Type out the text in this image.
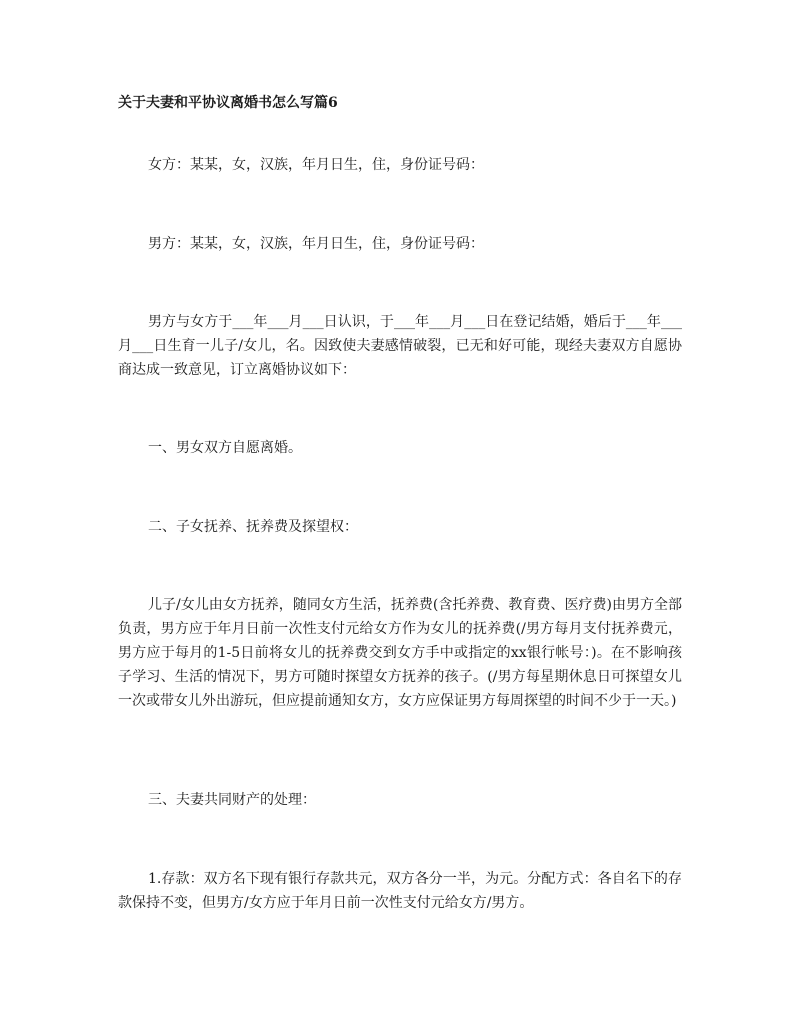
关于夫妻和平协议离婚书怎么写篇6

女方：某某，女，汉族，年月日生，住，身份证号码：

男方：某某，女，汉族，年月日生，住，身份证号码：

男方与女方于___年___月___日认识，于___年___月___日在登记结婚，婚后于___年___月___日生育一儿子/女儿，名。因致使夫妻感情破裂，已无和好可能，现经夫妻双方自愿协商达成一致意见，订立离婚协议如下：

一、男女双方自愿离婚。

二、子女抚养、抚养费及探望权：

儿子/女儿由女方抚养，随同女方生活，抚养费(含托养费、教育费、医疗费)由男方全部负责，男方应于年月日前一次性支付元给女方作为女儿的抚养费(/男方每月支付抚养费元，男方应于每月的1-5日前将女儿的抚养费交到女方手中或指定的xx银行帐号：)。在不影响孩子学习、生活的情况下，男方可随时探望女方抚养的孩子。(/男方每星期休息日可探望女儿一次或带女儿外出游玩，但应提前通知女方，女方应保证男方每周探望的时间不少于一天。)

三、夫妻共同财产的处理：

1.存款：双方名下现有银行存款共元，双方各分一半，为元。分配方式：各自名下的存款保持不变，但男方/女方应于年月日前一次性支付元给女方/男方。
